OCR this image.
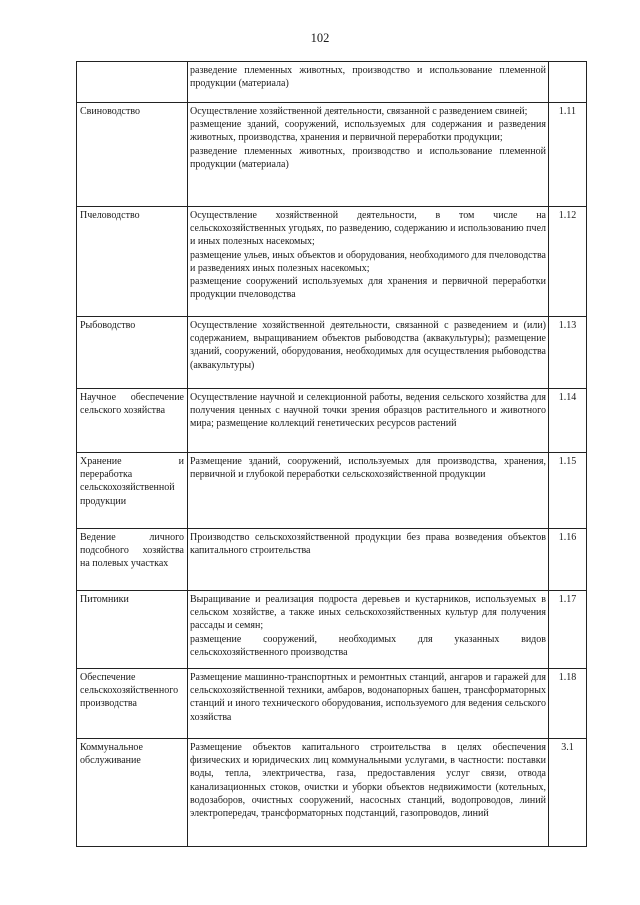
102

	разведение племенных животных, производство и использование племенной продукции (материала)	

Свиноводство	Осуществление хозяйственной деятельности, связанной с разведением свиней;
размещение зданий, сооружений, используемых для содержания и разведения животных, производства, хранения и первичной переработки продукции;
разведение племенных животных, производство и использование племенной продукции (материала)	1.11
Пчеловодство	Осуществление хозяйственной деятельности, в том числе на сельскохозяйственных угодьях, по разведению, содержанию и использованию пчел и иных полезных насекомых;
размещение ульев, иных объектов и оборудования, необходимого для пчеловодства и разведениях иных полезных насекомых;
размещение сооружений используемых для хранения и первичной переработки продукции пчеловодства	1.12
Рыбоводство	Осуществление хозяйственной деятельности, связанной с разведением и (или) содержанием, выращиванием объектов рыбоводства (аквакультуры); размещение зданий, сооружений, оборудования, необходимых для осуществления рыбоводства (аквакультуры)	1.13
Научное обеспечение сельского хозяйства	Осуществление научной и селекционной работы, ведения сельского хозяйства для получения ценных с научной точки зрения образцов растительного и животного мира; размещение коллекций генетических ресурсов растений	1.14
Хранение и переработка сельскохозяйственной продукции	Размещение зданий, сооружений, используемых для производства, хранения, первичной и глубокой переработки сельскохозяйственной продукции	1.15
Ведение личного подсобного хозяйства на полевых участках	Производство сельскохозяйственной продукции без права возведения объектов капитального строительства	1.16
Питомники	Выращивание и реализация подроста деревьев и кустарников, используемых в сельском хозяйстве, а также иных сельскохозяйственных культур для получения рассады и семян;
размещение сооружений, необходимых для указанных видов сельскохозяйственного производства	1.17
Обеспечение сельскохозяйственного производства	Размещение машинно-транспортных и ремонтных станций, ангаров и гаражей для сельскохозяйственной техники, амбаров, водонапорных башен, трансформаторных станций и иного технического оборудования, используемого для ведения сельского хозяйства	1.18
Коммунальное обслуживание	Размещение объектов капитального строительства в целях обеспечения физических и юридических лиц коммунальными услугами, в частности: поставки воды, тепла, электричества, газа, предоставления услуг связи, отвода канализационных стоков, очистки и уборки объектов недвижимости (котельных, водозаборов, очистных сооружений, насосных станций, водопроводов, линий электропередач, трансформаторных подстанций, газопроводов, линий	3.1
